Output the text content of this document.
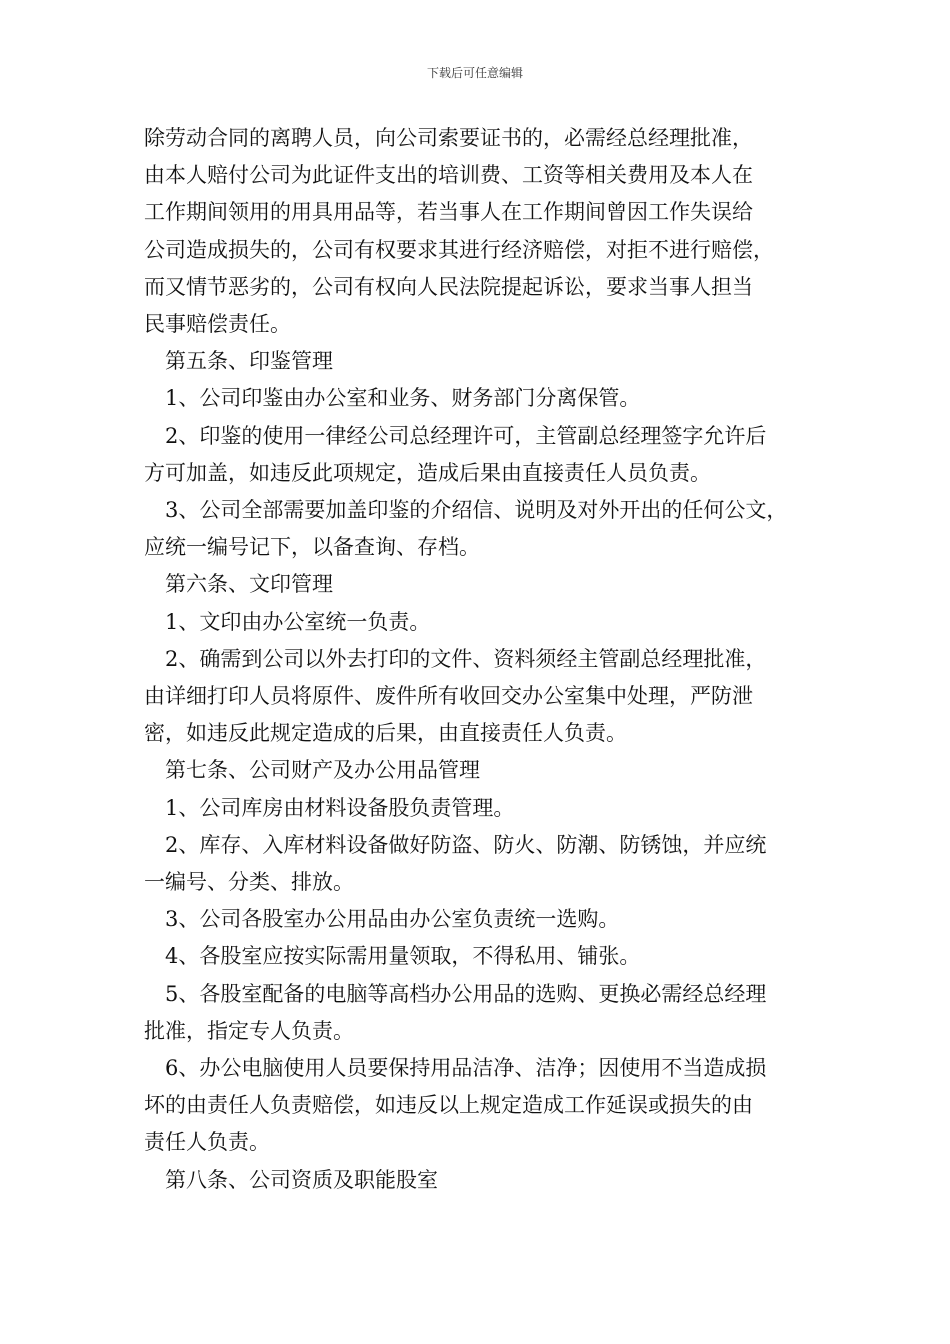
下载后可任意编辑
除劳动合同的离聘人员，向公司索要证书的，必需经总经理批准，
由本人赔付公司为此证件支出的培训费、工资等相关费用及本人在
工作期间领用的用具用品等，若当事人在工作期间曾因工作失误给
公司造成损失的，公司有权要求其进行经济赔偿，对拒不进行赔偿，
而又情节恶劣的，公司有权向人民法院提起诉讼，要求当事人担当
民事赔偿责任。
第五条、印鉴管理
1、公司印鉴由办公室和业务、财务部门分离保管。
2、印鉴的使用一律经公司总经理许可，主管副总经理签字允许后
方可加盖，如违反此项规定，造成后果由直接责任人员负责。
3、公司全部需要加盖印鉴的介绍信、说明及对外开出的任何公文，
应统一编号记下，以备查询、存档。
第六条、文印管理
1、文印由办公室统一负责。
2、确需到公司以外去打印的文件、资料须经主管副总经理批准，
由详细打印人员将原件、废件所有收回交办公室集中处理，严防泄
密，如违反此规定造成的后果，由直接责任人负责。
第七条、公司财产及办公用品管理
1、公司库房由材料设备股负责管理。
2、库存、入库材料设备做好防盗、防火、防潮、防锈蚀，并应统
一编号、分类、排放。
3、公司各股室办公用品由办公室负责统一选购。
4、各股室应按实际需用量领取，不得私用、铺张。
5、各股室配备的电脑等高档办公用品的选购、更换必需经总经理
批准，指定专人负责。
6、办公电脑使用人员要保持用品洁净、洁净；因使用不当造成损
坏的由责任人负责赔偿，如违反以上规定造成工作延误或损失的由
责任人负责。
第八条、公司资质及职能股室
